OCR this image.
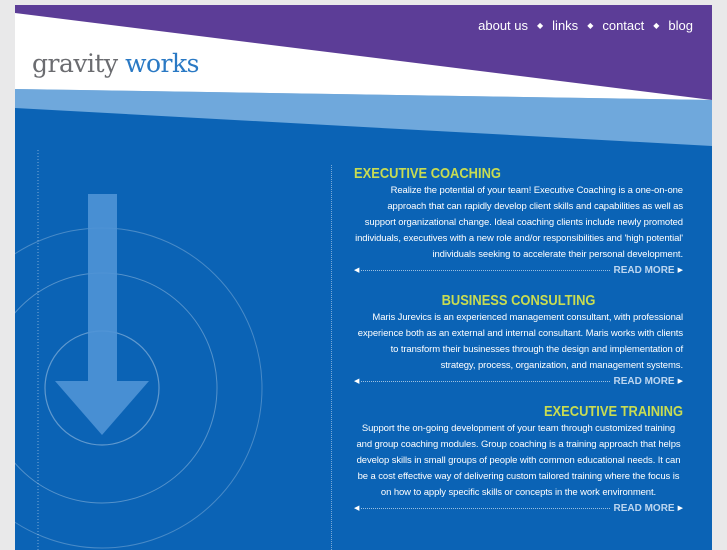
gravity works
about us ◆ links ◆ contact ◆ blog
EXECUTIVE COACHING

Realize the potential of your team! Executive Coaching is a one-on-one approach that can rapidly develop client skills and capabilities as well as support organizational change. Ideal coaching clients include newly promoted individuals, executives with a new role and/or responsibilities and 'high potential' individuals seeking to accelerate their personal development.

◀	READ MORE ▶
BUSINESS CONSULTING

Maris Jurevics is an experienced management consultant, with professional experience both as an external and internal consultant. Maris works with clients to transform their businesses through the design and implementation of strategy, process, organization, and management systems.

◀	READ MORE ▶
EXECUTIVE TRAINING

Support the on-going development of your team through customized training and group coaching modules. Group coaching is a training approach that helps develop skills in small groups of people with common educational needs. It can be a cost effective way of delivering custom tailored training where the focus is on how to apply specific skills or concepts in the work environment.

◀	READ MORE ▶
